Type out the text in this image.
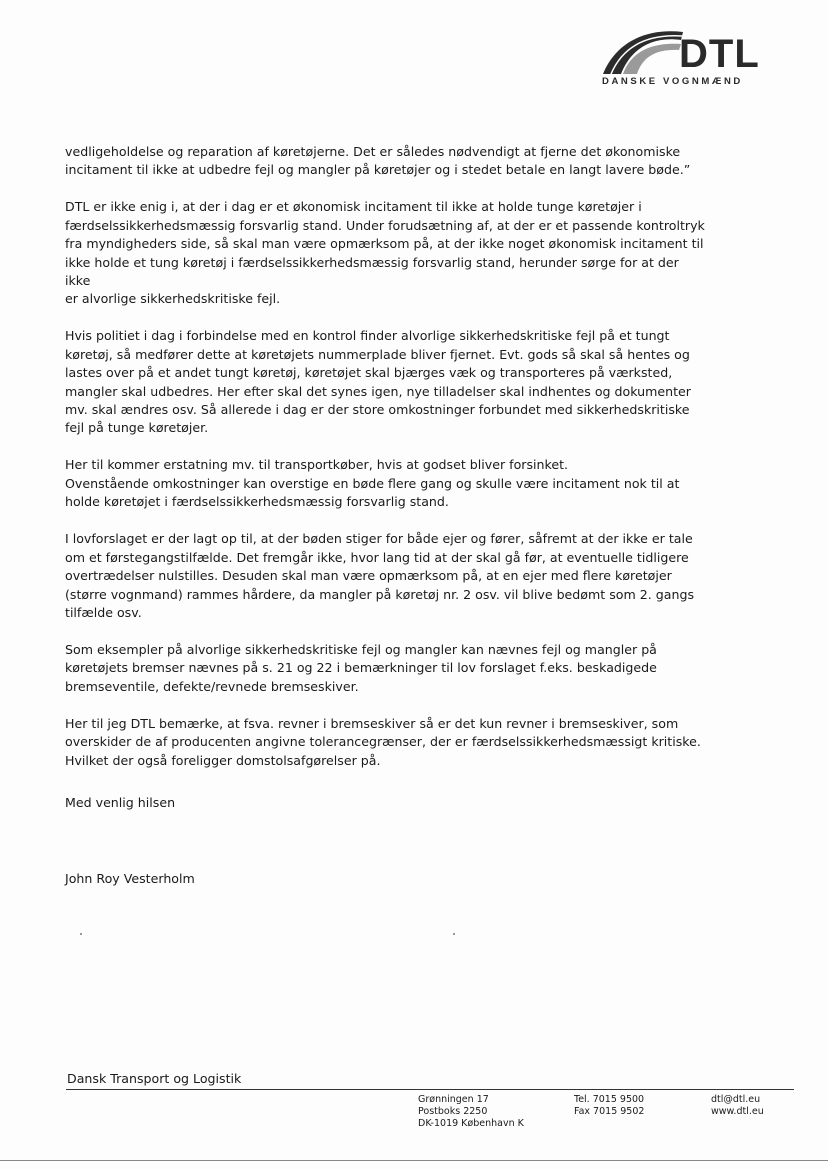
DTL
DANSKE VOGNMÆND

vedligeholdelse og reparation af køretøjerne. Det er således nødvendigt at fjerne det økonomiske
incitament til ikke at udbedre fejl og mangler på køretøjer og i stedet betale en langt lavere bøde.”

DTL er ikke enig i, at der i dag er et økonomisk incitament til ikke at holde tunge køretøjer i
færdselssikkerhedsmæssig forsvarlig stand. Under forudsætning af, at der er et passende kontroltryk
fra myndigheders side, så skal man være opmærksom på, at der ikke noget økonomisk incitament til
ikke holde et tung køretøj i færdselssikkerhedsmæssig forsvarlig stand, herunder sørge for at der ikke
er alvorlige sikkerhedskritiske fejl.

Hvis politiet i dag i forbindelse med en kontrol finder alvorlige sikkerhedskritiske fejl på et tungt
køretøj, så medfører dette at køretøjets nummerplade bliver fjernet. Evt. gods så skal så hentes og
lastes over på et andet tungt køretøj, køretøjet skal bjærges væk og transporteres på værksted,
mangler skal udbedres. Her efter skal det synes igen, nye tilladelser skal indhentes og dokumenter
mv. skal ændres osv. Så allerede i dag er der store omkostninger forbundet med sikkerhedskritiske
fejl på tunge køretøjer.

Her til kommer erstatning mv. til transportkøber, hvis at godset bliver forsinket.
Ovenstående omkostninger kan overstige en bøde flere gang og skulle være incitament nok til at
holde køretøjet i færdselssikkerhedsmæssig forsvarlig stand.

I lovforslaget er der lagt op til, at der bøden stiger for både ejer og fører, såfremt at der ikke er tale
om et førstegangstilfælde. Det fremgår ikke, hvor lang tid at der skal gå før, at eventuelle tidligere
overtrædelser nulstilles. Desuden skal man være opmærksom på, at en ejer med flere køretøjer
(større vognmand) rammes hårdere, da mangler på køretøj nr. 2 osv. vil blive bedømt som 2. gangs
tilfælde osv.

Som eksempler på alvorlige sikkerhedskritiske fejl og mangler kan nævnes fejl og mangler på
køretøjets bremser nævnes på s. 21 og 22 i bemærkninger til lov forslaget f.eks. beskadigede
bremseventile, defekte/revnede bremseskiver.

Her til jeg DTL bemærke, at fsva. revner i bremseskiver så er det kun revner i bremseskiver, som
overskider de af producenten angivne tolerancegrænser, der er færdselssikkerhedsmæssigt kritiske.
Hvilket der også foreligger domstolsafgørelser på.

Med venlig hilsen
John Roy Vesterholm
Dansk Transport og Logistik
Grønningen 17
Postboks 2250
DK-1019 København K
Tel. 7015 9500
Fax 7015 9502
dtl@dtl.eu
www.dtl.eu
